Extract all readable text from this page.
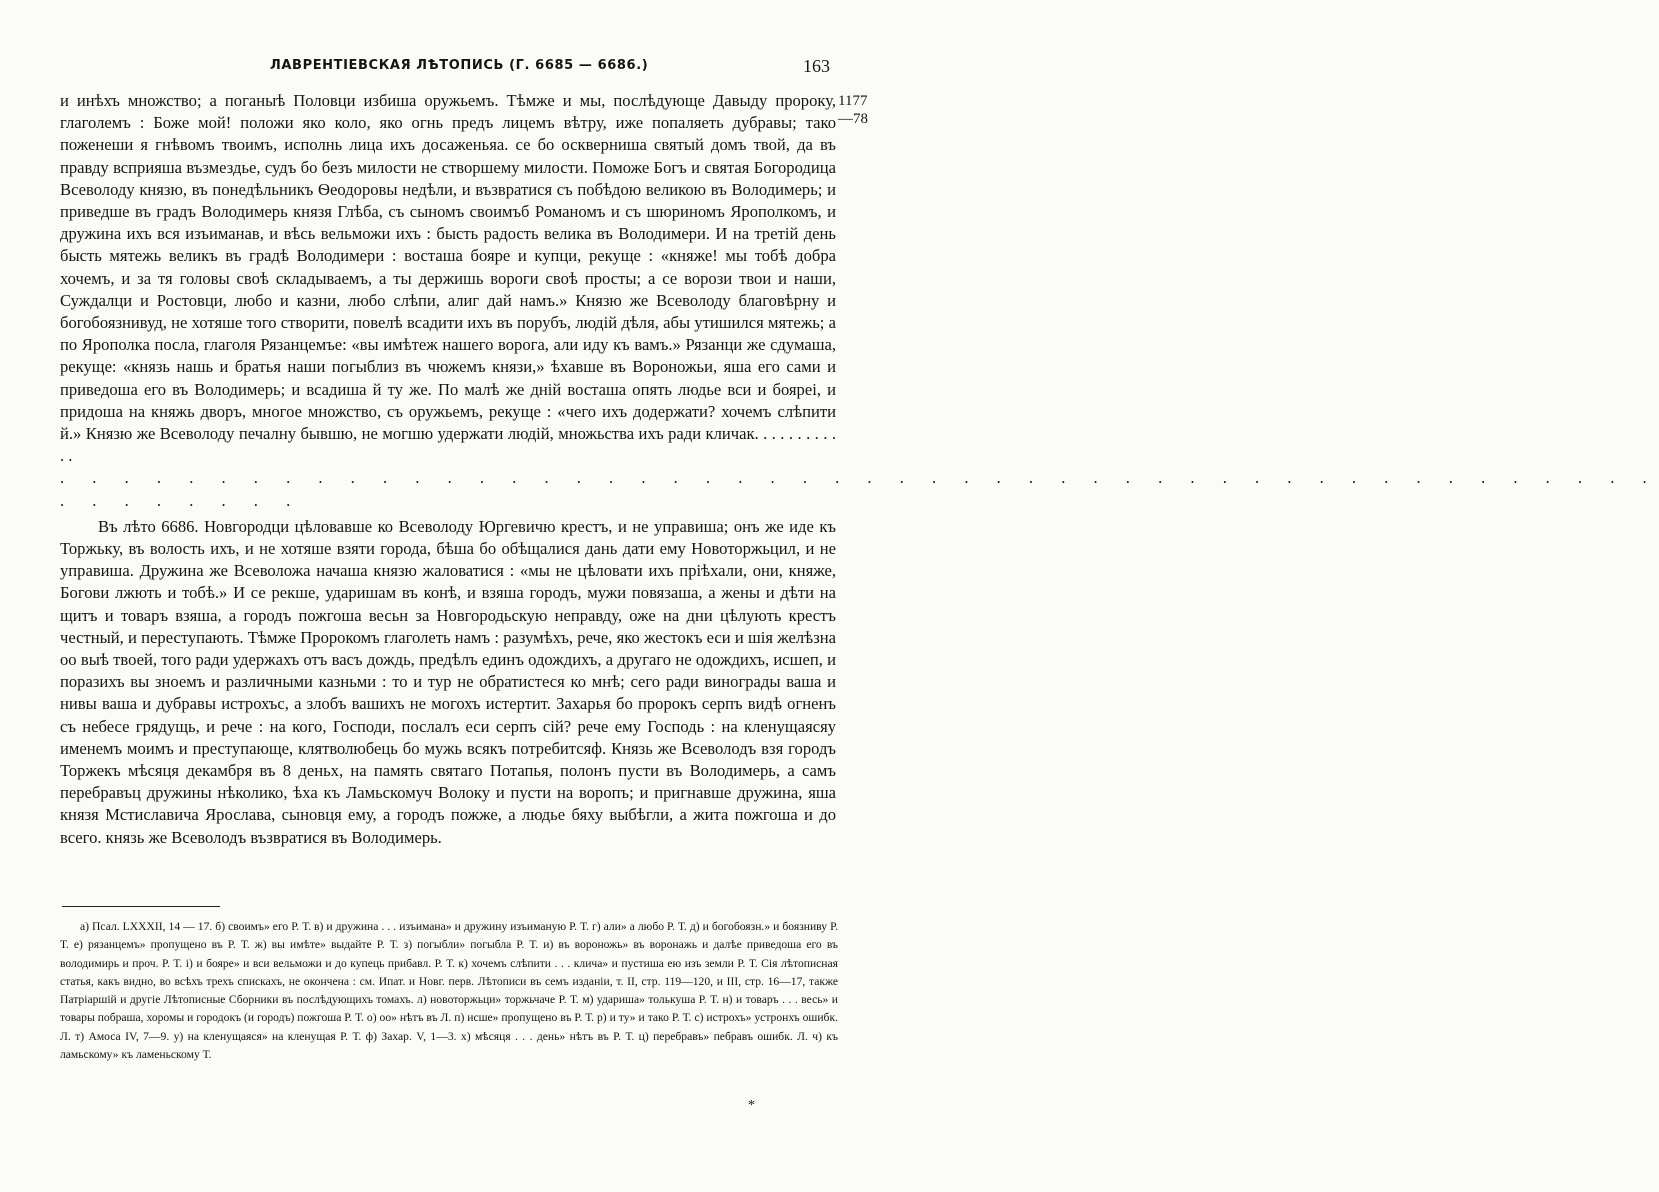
ЛАВРЕНТІЕВСКАЯ ЛѢТОПИСЬ (Г. 6685 — 6686.)	163
1177
—78

и инѣхъ множство; а поганыѣ Половци избиша оружьемъ. Тѣмже и мы, послѣдующе Давыду пророку, глаголемъ : Боже мой! положи яко коло, яко огнь предъ лицемъ вѣтру, иже попаляеть дубравы; тако поженеши я гнѣвомъ твоимъ, исполнь лица ихъ досаженьяa. се бо оскверниша святый домъ твой, да въ правду всприяша възмездье, судъ бо безъ милости не створшему милости. Поможе Богъ и святая Богородица Всеволоду князю, въ понедѣльникъ Ѳеодоровы недѣли, и възвратися съ побѣдою великою въ Володимерь; и приведше въ градъ Володимерь князя Глѣба, съ сыномъ своимъб Романомъ и съ шюриномъ Ярополкомъ, и дружина ихъ вся изъиманав, и вѣсь вельможи ихъ : бысть радость велика въ Володимери. И на третій день бысть мятежь великъ въ градѣ Володимери : восташа бояре и купци, рекуще : «княже! мы тобѣ добра хочемъ, и за тя головы своѣ складываемъ, а ты держишь вороги своѣ просты; а се ворози твои и наши, Суждалци и Ростовци, любо и казни, любо слѣпи, алиг дай намъ.» Князю же Всеволоду благовѣрну и богобоязнивуд, не хотяше того створити, повелѣ всадити ихъ въ порубъ, людій дѣля, абы утишился мятежь; а по Ярополка посла, глаголя Рязанцемъе: «вы имѣтеж нашего ворога, али иду къ вамъ.» Рязанци же сдумаша, рекуще: «князь нашь и братья наши погыблиз въ чюжемъ князи,» ѣхавше въ Вороножьи, яша его сами и приведоша его въ Володимерь; и всадиша й ту же. По малѣ же дній восташа опять людье вси и бояреі, и придоша на княжь дворъ, многое множство, съ оружьемъ, рекуще : «чего ихъ додержати? хочемъ слѣпити й.» Князю же Всеволоду печалну бывшю, не могшю удержати людій, множьства ихъ ради кличак. . . . . . . . . . . .

. . . . . . . . . . . . . . . . . . . . . . . . . . . . . . . . . . . . . . . . . . . . . . . . . .
. . . . . . . .

Въ лѣто 6686. Новгородци цѣловавше ко Всеволоду Юргевичю крестъ, и не управиша; онъ же иде къ Торжьку, въ волость ихъ, и не хотяше взяти города, бѣша бо обѣщалися дань дати ему Новоторжьцил, и не управиша. Дружина же Всеволожа начаша князю жаловатися : «мы не цѣловати ихъ пріѣхали, они, княже, Богови лжють и тобѣ.» И се рекше, ударишам въ конѣ, и взяша городъ, мужи повязаша, а жены и дѣти на щитъ и товаръ взяша, а городъ пожгошa весьн за Новгородьскую неправду, оже на дни цѣлують крестъ честный, и переступають. Тѣмже Пророкомъ глаголеть намъ : разумѣхъ, рече, яко жестокъ еси и шія желѣзна оо выѣ твоей, того ради удержахъ отъ васъ дождь, предѣлъ единъ одождихъ, а другаго не одождихъ, исшеп, и поразихъ вы зноемъ и различными казньми : то и тур не обратистеся ко мнѣ; сего ради винограды ваша и нивы ваша и дубравы истрохъс, а злобъ вашихъ не могохъ истертит. Захарья бо пророкъ серпъ видѣ огненъ съ небесе грядущь, и рече : на кого, Господи, послалъ еси серпъ сій? рече ему Господь : на кленущаясяу именемъ моимъ и преступающе, клятволюбець бо мужь всякъ потребитсяф. Князь же Всеволодъ взя городъ Торжекъ мѣсяця декамбря въ 8 деньх, на память святаго Потапья, полонъ пусти въ Володимерь, а самъ перебравъц дружины нѣколико, ѣха къ Ламьскомуч Волоку и пусти на воропъ; и пригнавше дружина, яша князя Мстиславича Ярослава, сыновця ему, а городъ пожже, а людье бяху выбѣгли, а жита пожгоша и до всего. князь же Всеволодъ възвратися въ Володимерь.

а) Псал. LXXXII, 14 — 17. б) своимъ» его Р. Т. в) и дружина . . . изъимана» и дружину изъиманую Р. Т. г) али» а любо Р. Т. д) и богобоязн.» и боязниву Р. Т. е) рязанцемъ» пропущено въ Р. Т. ж) вы имѣте» выдайте Р. Т. з) погыбли» погыбла Р. Т. и) въ вороножь» въ воронажь и далѣе приведоша его въ володимирь и проч. Р. Т. і) и бояре» и вси вельможи и до купець прибавл. Р. Т. к) хочемъ слѣпити . . . клича» и пустиша ею изъ земли Р. Т. Сія лѣтописная статья, какъ видно, во всѣхъ трехъ спискахъ, не окончена : см. Ипат. и Новг. перв. Лѣтописи въ семъ изданіи, т. II, стр. 119—120, и III, стр. 16—17, также Патріаршій и другіе Лѣтописные Сборники въ послѣдующихъ томахъ. л) новоторжьци» торжьчаче Р. Т. м) удариша» толькуша Р. Т. н) и товаръ . . . весь» и товары побраша, хоромы и городокъ (и городъ) пожгоша Р. Т. о) оо» нѣтъ въ Л. п) исше» пропущено въ Р. Т. р) и ту» и тако Р. Т. с) истрохъ» устронхъ ошибк. Л. т) Амоса IV, 7—9. у) на кленущаяся» на кленущая Р. Т. ф) Захар. V, 1—3. х) мѣсяця . . . день» нѣтъ въ Р. Т. ц) перебравъ» пебравъ ошибк. Л. ч) къ ламьскому» къ ламеньскому Т.

*
